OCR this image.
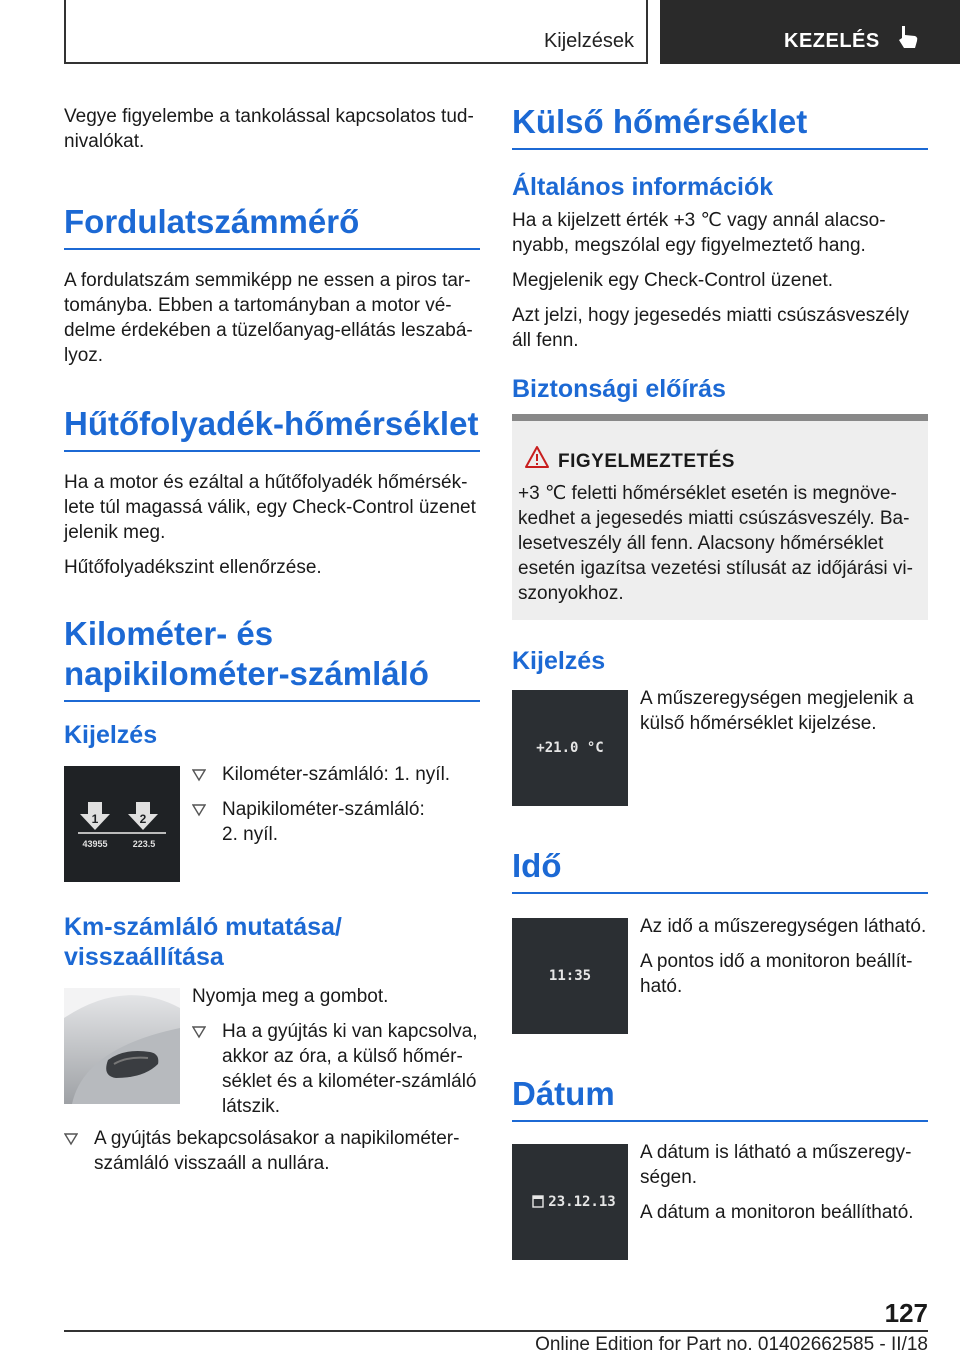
Kijelzések	KEZELÉS

Vegye figyelembe a tankolással kapcsolatos tud-nivalókat.

Fordulatszámmérő

A fordulatszám semmiképp ne essen a piros tar-tományba. Ebben a tartományban a motor vé-delme érdekében a tüzelőanyag-ellátás leszabá-lyoz.

Hűtőfolyadék-hőmérséklet

Ha a motor és ezáltal a hűtőfolyadék hőmérsék-lete túl magassá válik, egy Check-Control üzenet jelenik meg.

Hűtőfolyadékszint ellenőrzése.

Kilométer- és
napikilométer-számláló
Kijelzés
1	2
43955	223.5
Kilométer-számláló: 1. nyíl.
Napikilométer-számláló: 2. nyíl.
Km-számláló mutatása/
visszaállítása

Nyomja meg a gombot.

Ha a gyújtás ki van kapcsolva, akkor az óra, a külső hőmér-séklet és a kilométer-számláló látszik.
A gyújtás bekapcsolásakor a napikilométer-számláló visszaáll a nullára.
Külső hőmérséklet
Általános információk

Ha a kijelzett érték +3 ℃ vagy annál alacso-nyabb, megszólal egy figyelmeztető hang.

Megjelenik egy Check-Control üzenet.

Azt jelzi, hogy jegesedés miatti csúszásveszély áll fenn.

Biztonsági előírás
FIGYELMEZTETÉS

+3 ℃ feletti hőmérséklet esetén is megnöve-kedhet a jegesedés miatti csúszásveszély. Ba-lesetveszély áll fenn. Alacsony hőmérséklet esetén igazítsa vezetési stílusát az időjárási vi-szonyokhoz.

Kijelzés
+21.0 °C

A műszeregységen megjelenik a külső hőmérséklet kijelzése.

Idő
11:35

Az idő a műszeregységen látható.

A pontos idő a monitoron beállít-ható.

Dátum
23.12.13

A dátum is látható a műszeregy-ségen.

A dátum a monitoron beállítható.

127
Online Edition for Part no. 01402662585 - II/18
